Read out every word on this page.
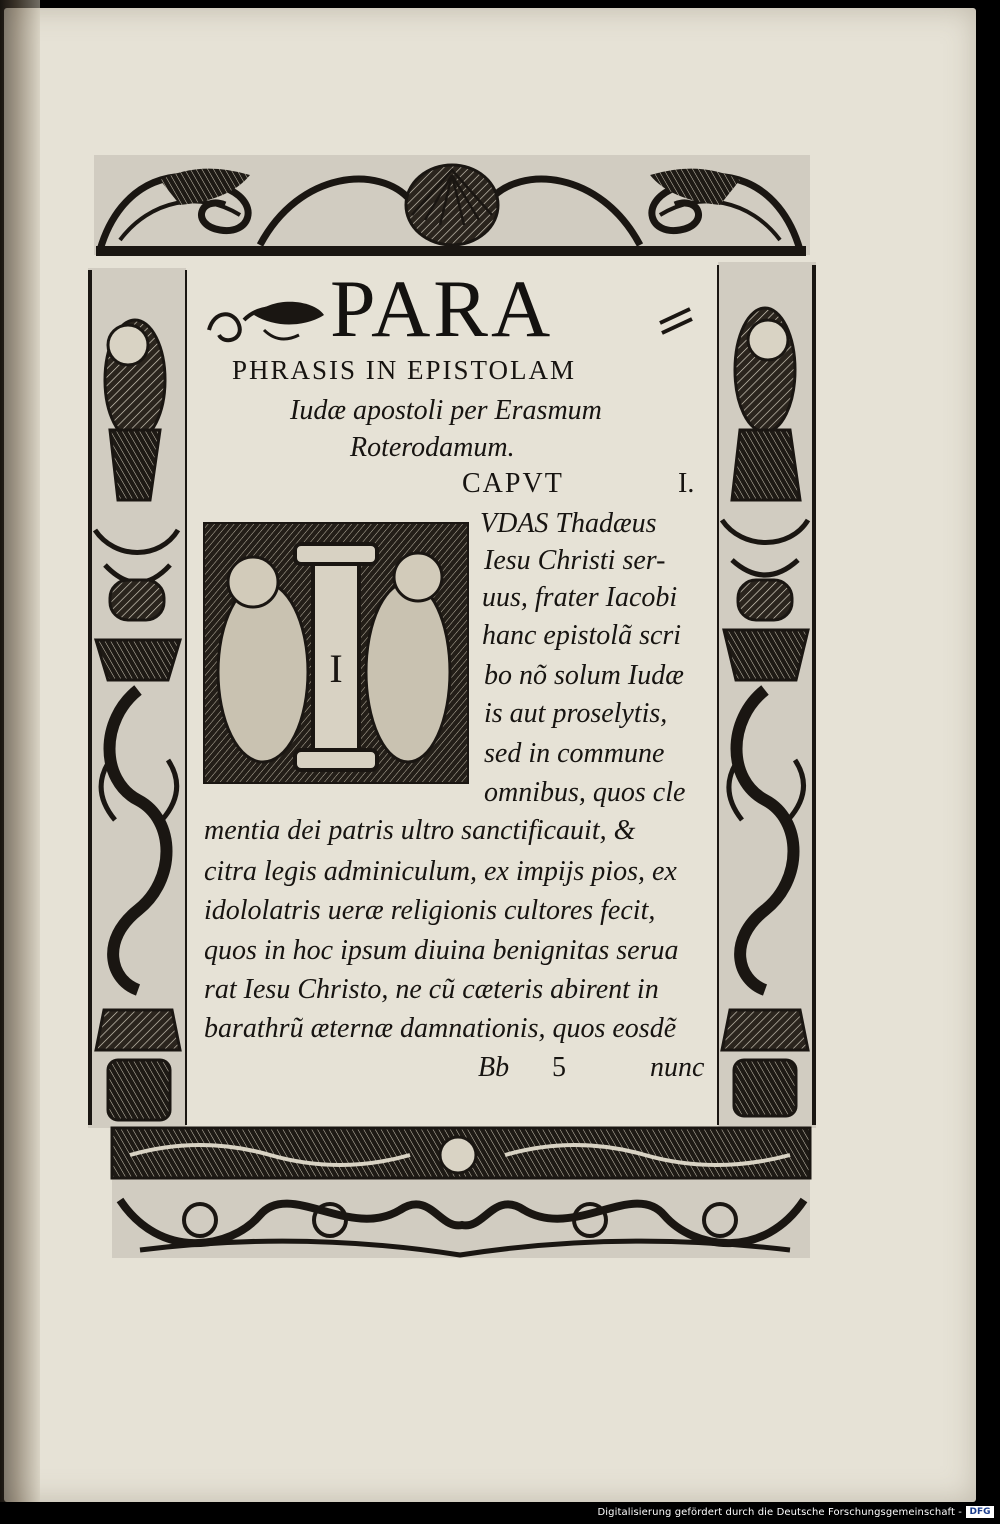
PARA
PHRASIS IN EPISTOLAM
Iudæ apostoli per Erasmum
Roterodamum.
CAPVT	I.
I
VDAS Thadæus
Iesu Christi ser-
uus, frater Iacobi
hanc epistolã scri
bo nõ solum Iudæ
is aut proselytis,
sed in commune
omnibus, quos cle
mentia dei patris ultro sanctificauit, &
citra legis adminiculum, ex impijs pios, ex
idololatris ueræ religionis cultores fecit,
quos in hoc ipsum diuina benignitas serua
rat Iesu Christo, ne cũ cæteris abirent in
barathrũ æternæ damnationis, quos eosdẽ
Bb 5	nunc
Digitalisierung gefördert durch die Deutsche Forschungsgemeinschaft - DFG
